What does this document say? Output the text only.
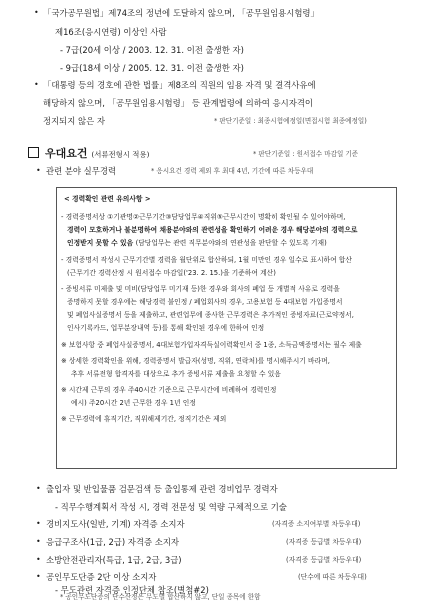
• 「국가공무원법」제74조의 정년에 도달하지 않으며, 「공무원임용시험령」
제16조(응시연령) 이상인 사람
- 7급(20세 이상 / 2003. 12. 31. 이전 출생한 자)
- 9급(18세 이상 / 2005. 12. 31. 이전 출생한 자)
• 「대통령 등의 경호에 관한 법률」제8조의 직원의 임용 자격 및 결격사유에
해당하지 않으며, 「공무원임용시험령」 등 관계법령에 의하여 응시자격이
정지되지 않은 자	* 판단기준일 : 최종시험예정일(면접시험 최종예정일)
우대요건 (서류전형시 적용)	* 판단기준일 : 원서접수 마감일 기준
• 관련 분야 실무경력	* 응시요건 경력 제외 후 최대 4년, 기간에 따른 차등우대
< 경력확인 관련 유의사항 >
- 경력증명서상 ①기관명②근무기간③담당업무④직위⑤근무시간이 명확히 확인될 수 있어야하며,
경력이 모호하거나 불분명하여 채용분야와의 관련성을 확인하기 어려운 경우 해당분야의 경력으로
인정받지 못할 수 있음 (담당업무는 관련 직무분야와의 연관성을 판단할 수 있도록 기재)
- 경력증명서 작성시 근무기간별 경력을 월단위로 합산하되, 1월 미만인 경우 일수로 표시하여 합산
(근무기간 경력산정 시 원서접수 마감일('23. 2. 15.)을 기준하여 계산)
- 증빙서류 미제출 및 미비(담당업무 미기재 등)한 경우와 회사의 폐업 등 개별적 사유로 경력을
증명하지 못할 경우에는 해당경력 불인정 / 폐업회사의 경우, 고용보험 등 4대보험 가입증명서
및 폐업사실증명서 등을 제출하고, 관련업무에 종사한 근무경력은 추가적인 증빙자료(근로약정서,
인사기록카드, 업무분장내역 등)를 통해 확인된 경우에 한하여 인정
※ 보험사항 중 폐업사실증명서, 4대보험가입자격득실이력확인서 중 1종, 소득금액증명서는 필수 제출
※ 상세한 경력확인을 위해, 경력증명서 발급자(성명, 직위, 연락처)를 명시해주시기 바라며,
추후 서류전형 합격자를 대상으로 추가 증빙서류 제출을 요청할 수 있음
※ 시간제 근무의 경우 주40시간 기준으로 근무시간에 비례하여 경력인정
예시) 주20시간 2년 근무한 경우 1년 인정
※ 근무경력에 휴직기간, 직위해제기간, 정직기간은 제외
• 출입자 및 반입물품 검문검색 등 출입통제 관련 경비업무 경력자
- 직무수행계획서 작성 시, 경력 전문성 및 역량 구체적으로 기술
• 경비지도사(일반, 기계) 자격증 소지자	(자격증 소지여부별 차등우대)
• 응급구조사(1급, 2급) 자격증 소지자	(자격증 등급별 차등우대)
• 소방안전관리자(특급, 1급, 2급, 3급)	(자격증 등급별 차등우대)
• 공인무도단증 2단 이상 소지자	(단수에 따른 차등우대)
- 무도관련 자격증 인정단체 참조(별첨#2)
* 공인무도단증의 단수산정은 무도별 합산하지 않고, 단일 종목에 한함
